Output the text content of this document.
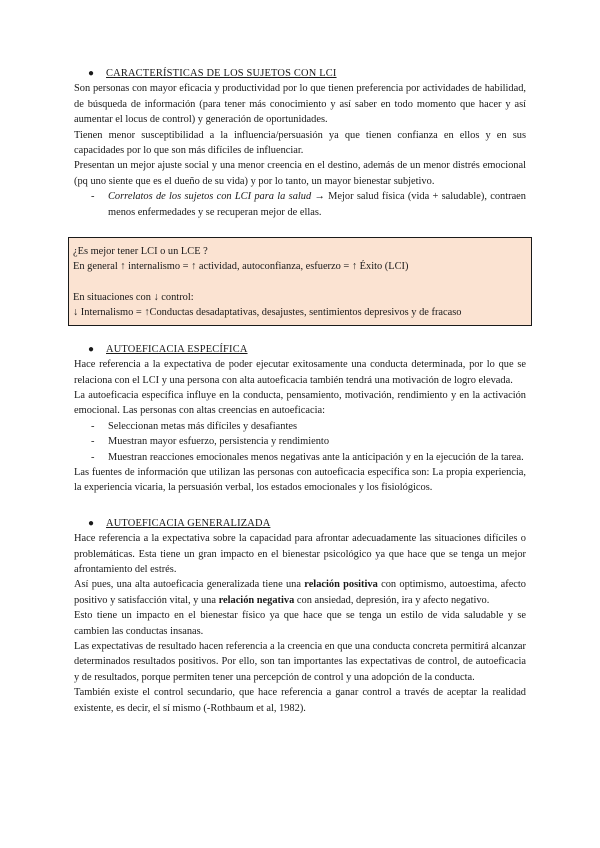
● CARACTERÍSTICAS DE LOS SUJETOS CON LCI

Son personas con mayor eficacia y productividad por lo que tienen preferencia por actividades de habilidad, de búsqueda de información (para tener más conocimiento y así saber en todo momento que hacer y así aumentar el locus de control) y generación de oportunidades.

Tienen menor susceptibilidad a la influencia/persuasión ya que tienen confianza en ellos y en sus capacidades por lo que son más difíciles de influenciar.

Presentan un mejor ajuste social y una menor creencia en el destino, además de un menor distrés emocional (pq uno siente que es el dueño de su vida) y por lo tanto, un mayor bienestar subjetivo.

- Correlatos de los sujetos con LCI para la salud → Mejor salud física (vida + saludable), contraen menos enfermedades y se recuperan mejor de ellas.

¿Es mejor tener LCI o un LCE ?

En general ↑ internalismo = ↑ actividad, autoconfianza, esfuerzo = ↑ Éxito (LCI)

En situaciones con ↓ control:

↓ Internalismo = ↑Conductas desadaptativas, desajustes, sentimientos depresivos y de fracaso

● AUTOEFICACIA ESPECÍFICA

Hace referencia a la expectativa de poder ejecutar exitosamente una conducta determinada, por lo que se relaciona con el LCI y una persona con alta autoeficacia también tendrá una motivación de logro elevada.

La autoeficacia específica influye en la conducta, pensamiento, motivación, rendimiento y en la activación emocional. Las personas con altas creencias en autoeficacia:

- Seleccionan metas más difíciles y desafiantes
- Muestran mayor esfuerzo, persistencia y rendimiento
- Muestran reacciones emocionales menos negativas ante la anticipación y en la ejecución de la tarea.

Las fuentes de información que utilizan las personas con autoeficacia específica son: La propia experiencia, la experiencia vicaria, la persuasión verbal, los estados emocionales y los fisiológicos.

● AUTOEFICACIA GENERALIZADA

Hace referencia a la expectativa sobre la capacidad para afrontar adecuadamente las situaciones difíciles o problemáticas. Esta tiene un gran impacto en el bienestar psicológico ya que hace que se tenga un mejor afrontamiento del estrés.

Así pues, una alta autoeficacia generalizada tiene una relación positiva con optimismo, autoestima, afecto positivo y satisfacción vital, y una relación negativa con ansiedad, depresión, ira y afecto negativo.

Esto tiene un impacto en el bienestar físico ya que hace que se tenga un estilo de vida saludable y se cambien las conductas insanas.

Las expectativas de resultado hacen referencia a la creencia en que una conducta concreta permitirá alcanzar determinados resultados positivos. Por ello, son tan importantes las expectativas de control, de autoeficacia y de resultados, porque permiten tener una percepción de control y una adopción de la conducta.

También existe el control secundario, que hace referencia a ganar control a través de aceptar la realidad existente, es decir, el sí mismo (-Rothbaum et al, 1982).
